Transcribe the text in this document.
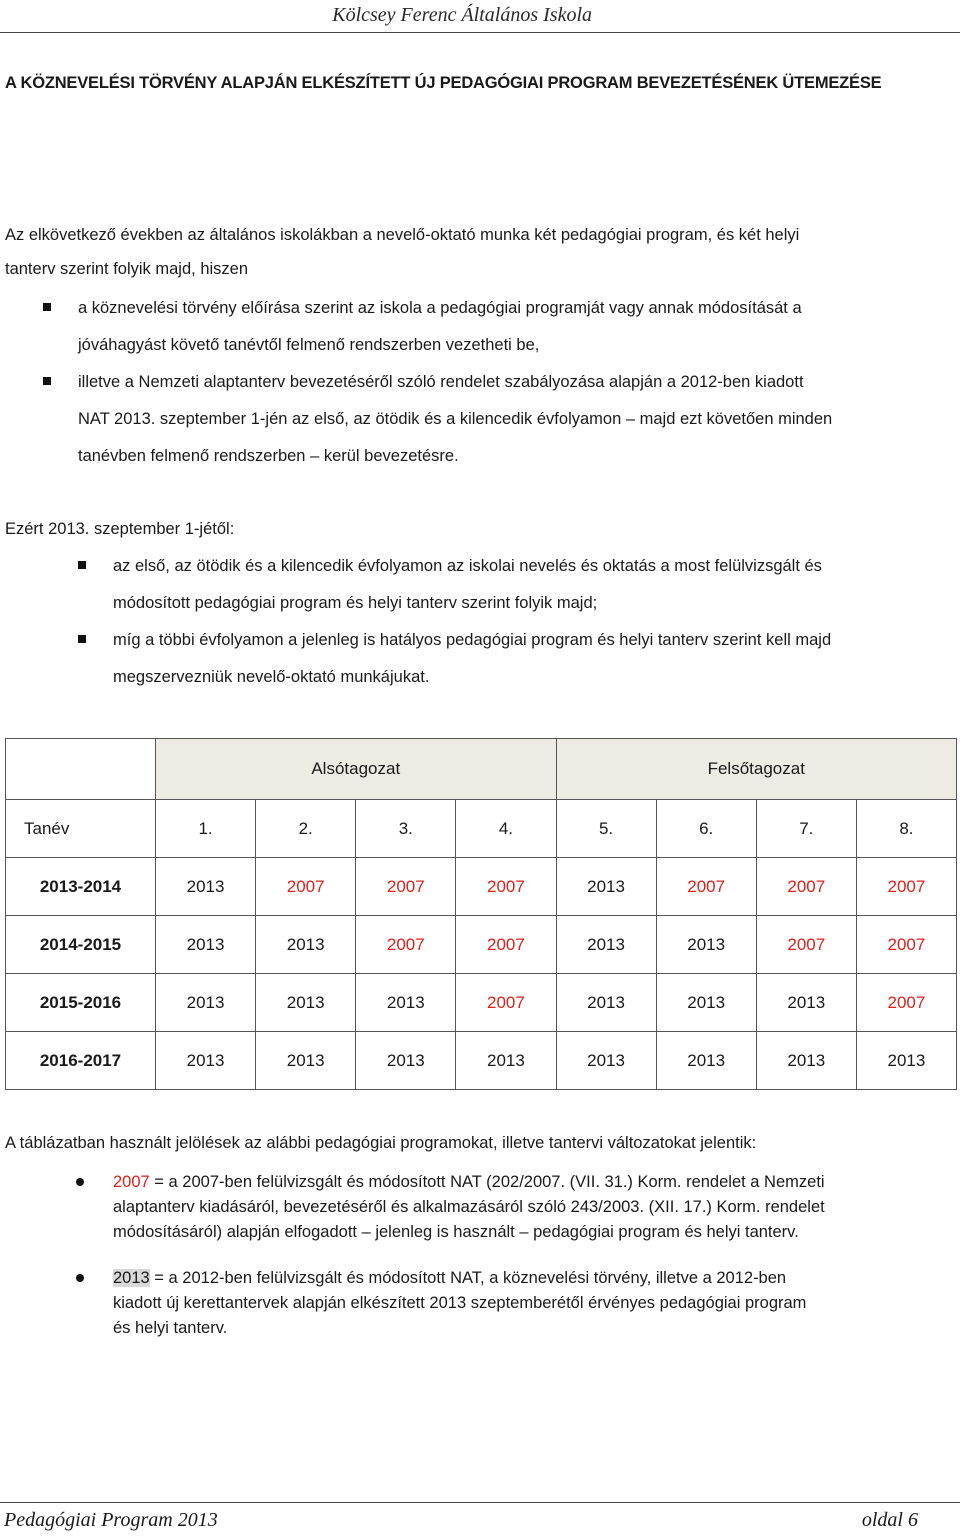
Kölcsey Ferenc Általános Iskola
A KÖZNEVELÉSI TÖRVÉNY ALAPJÁN ELKÉSZÍTETT ÚJ PEDAGÓGIAI PROGRAM BEVEZETÉSÉNEK ÜTEMEZÉSE
Az elkövetkező években az általános iskolákban a nevelő-oktató munka két pedagógiai program, és két helyi
tanterv szerint folyik majd, hiszen
a köznevelési törvény előírása szerint az iskola a pedagógiai programját vagy annak módosítását a
jóváhagyást követő tanévtől felmenő rendszerben vezetheti be,
illetve a Nemzeti alaptanterv bevezetéséről szóló rendelet szabályozása alapján a 2012-ben kiadott
NAT 2013. szeptember 1-jén az első, az ötödik és a kilencedik évfolyamon – majd ezt követően minden
tanévben felmenő rendszerben – kerül bevezetésre.
Ezért 2013. szeptember 1-jétől:
az első, az ötödik és a kilencedik évfolyamon az iskolai nevelés és oktatás a most felülvizsgált és
módosított pedagógiai program és helyi tanterv szerint folyik majd;
míg a többi évfolyamon a jelenleg is hatályos pedagógiai program és helyi tanterv szerint kell majd
megszervezniük nevelő-oktató munkájukat.
	Alsótagozat				Felsőtagozat			
Tanév	1.	2.	3.	4.	5.	6.	7.	8.
2013-2014	2013	2007	2007	2007	2013	2007	2007	2007
2014-2015	2013	2013	2007	2007	2013	2013	2007	2007
2015-2016	2013	2013	2013	2007	2013	2013	2013	2007
2016-2017	2013	2013	2013	2013	2013	2013	2013	2013
A táblázatban használt jelölések az alábbi pedagógiai programokat, illetve tantervi változatokat jelentik:
2007 = a 2007-ben felülvizsgált és módosított NAT (202/2007. (VII. 31.) Korm. rendelet a Nemzeti
alaptanterv kiadásáról, bevezetéséről és alkalmazásáról szóló 243/2003. (XII. 17.) Korm. rendelet
módosításáról) alapján elfogadott – jelenleg is használt – pedagógiai program és helyi tanterv.
2013 = a 2012-ben felülvizsgált és módosított NAT, a köznevelési törvény, illetve a 2012-ben
kiadott új kerettantervek alapján elkészített 2013 szeptemberétől érvényes pedagógiai program
és helyi tanterv.
Pedagógiai Program 2013	oldal 6
